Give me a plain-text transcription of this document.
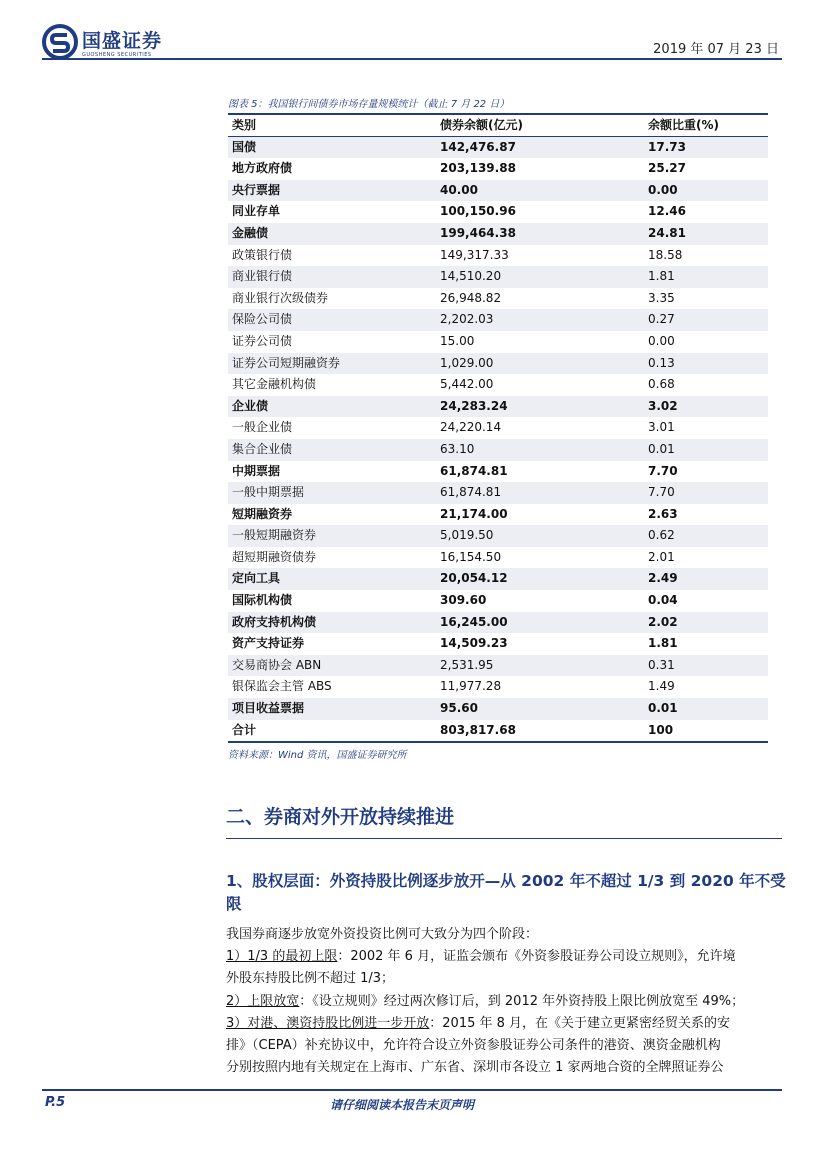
国盛证券
GUOSHENG SECURITIES	2019 年 07 月 23 日
图表 5：我国银行间债券市场存量规模统计（截止 7 月 22 日）
类别	债券余额(亿元)	余额比重(%)
国债	142,476.87	17.73
地方政府债	203,139.88	25.27
央行票据	40.00	0.00
同业存单	100,150.96	12.46
金融债	199,464.38	24.81
政策银行债	149,317.33	18.58
商业银行债	14,510.20	1.81
商业银行次级债券	26,948.82	3.35
保险公司债	2,202.03	0.27
证券公司债	15.00	0.00
证券公司短期融资券	1,029.00	0.13
其它金融机构债	5,442.00	0.68
企业债	24,283.24	3.02
一般企业债	24,220.14	3.01
集合企业债	63.10	0.01
中期票据	61,874.81	7.70
一般中期票据	61,874.81	7.70
短期融资券	21,174.00	2.63
一般短期融资券	5,019.50	0.62
超短期融资债券	16,154.50	2.01
定向工具	20,054.12	2.49
国际机构债	309.60	0.04
政府支持机构债	16,245.00	2.02
资产支持证券	14,509.23	1.81
交易商协会 ABN	2,531.95	0.31
银保监会主管 ABS	11,977.28	1.49
项目收益票据	95.60	0.01
合计	803,817.68	100
资料来源：Wind 资讯，国盛证券研究所
二、券商对外开放持续推进
1、股权层面：外资持股比例逐步放开—从 2002 年不超过 1/3 到 2020 年不受限

我国券商逐步放宽外资投资比例可大致分为四个阶段：

1）1/3 的最初上限：2002 年 6 月，证监会颁布《外资参股证券公司设立规则》，允许境

外股东持股比例不超过 1/3；

2）上限放宽：《设立规则》经过两次修订后，到 2012 年外资持股上限比例放宽至 49%；

3）对港、澳资持股比例进一步开放：2015 年 8 月，在《关于建立更紧密经贸关系的安

排》（CEPA）补充协议中，允许符合设立外资参股证券公司条件的港资、澳资金融机构

分别按照内地有关规定在上海市、广东省、深圳市各设立 1 家两地合资的全牌照证券公

P.5	请仔细阅读本报告末页声明
